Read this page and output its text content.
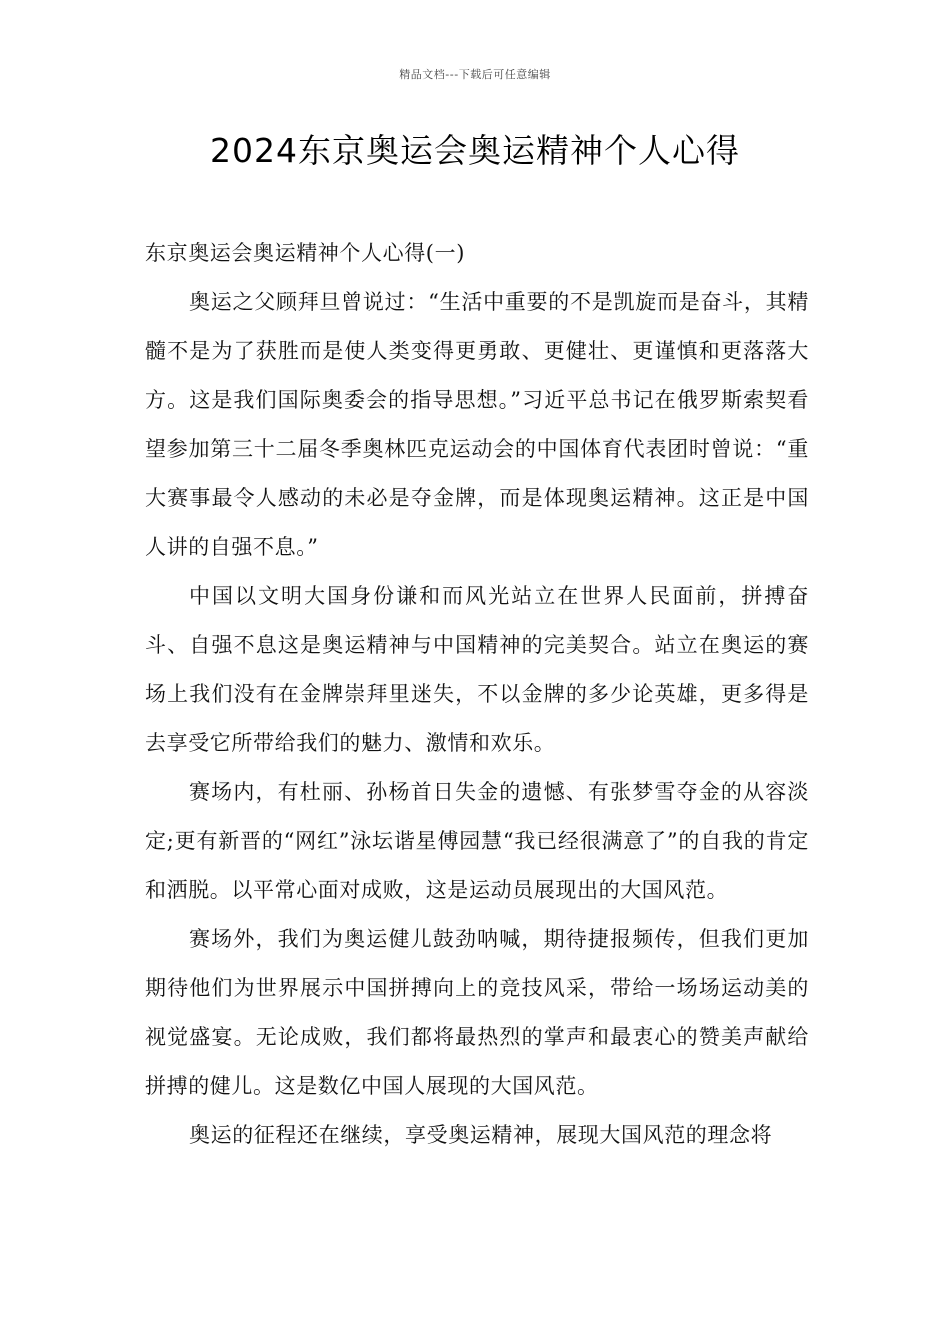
精品文档---下载后可任意编辑
2024东京奥运会奥运精神个人心得

东京奥运会奥运精神个人心得(一)

奥运之父顾拜旦曾说过：“生活中重要的不是凯旋而是奋斗，其精髓不是为了获胜而是使人类变得更勇敢、更健壮、更谨慎和更落落大方。这是我们国际奥委会的指导思想。”习近平总书记在俄罗斯索契看望参加第三十二届冬季奥林匹克运动会的中国体育代表团时曾说：“重大赛事最令人感动的未必是夺金牌，而是体现奥运精神。这正是中国人讲的自强不息。”

中国以文明大国身份谦和而风光站立在世界人民面前，拼搏奋斗、自强不息这是奥运精神与中国精神的完美契合。站立在奥运的赛场上我们没有在金牌崇拜里迷失，不以金牌的多少论英雄，更多得是去享受它所带给我们的魅力、激情和欢乐。

赛场内，有杜丽、孙杨首日失金的遗憾、有张梦雪夺金的从容淡定;更有新晋的“网红”泳坛谐星傅园慧“我已经很满意了”的自我的肯定和洒脱。以平常心面对成败，这是运动员展现出的大国风范。

赛场外，我们为奥运健儿鼓劲呐喊，期待捷报频传，但我们更加期待他们为世界展示中国拼搏向上的竞技风采，带给一场场运动美的视觉盛宴。无论成败，我们都将最热烈的掌声和最衷心的赞美声献给拼搏的健儿。这是数亿中国人展现的大国风范。

奥运的征程还在继续，享受奥运精神，展现大国风范的理念将
